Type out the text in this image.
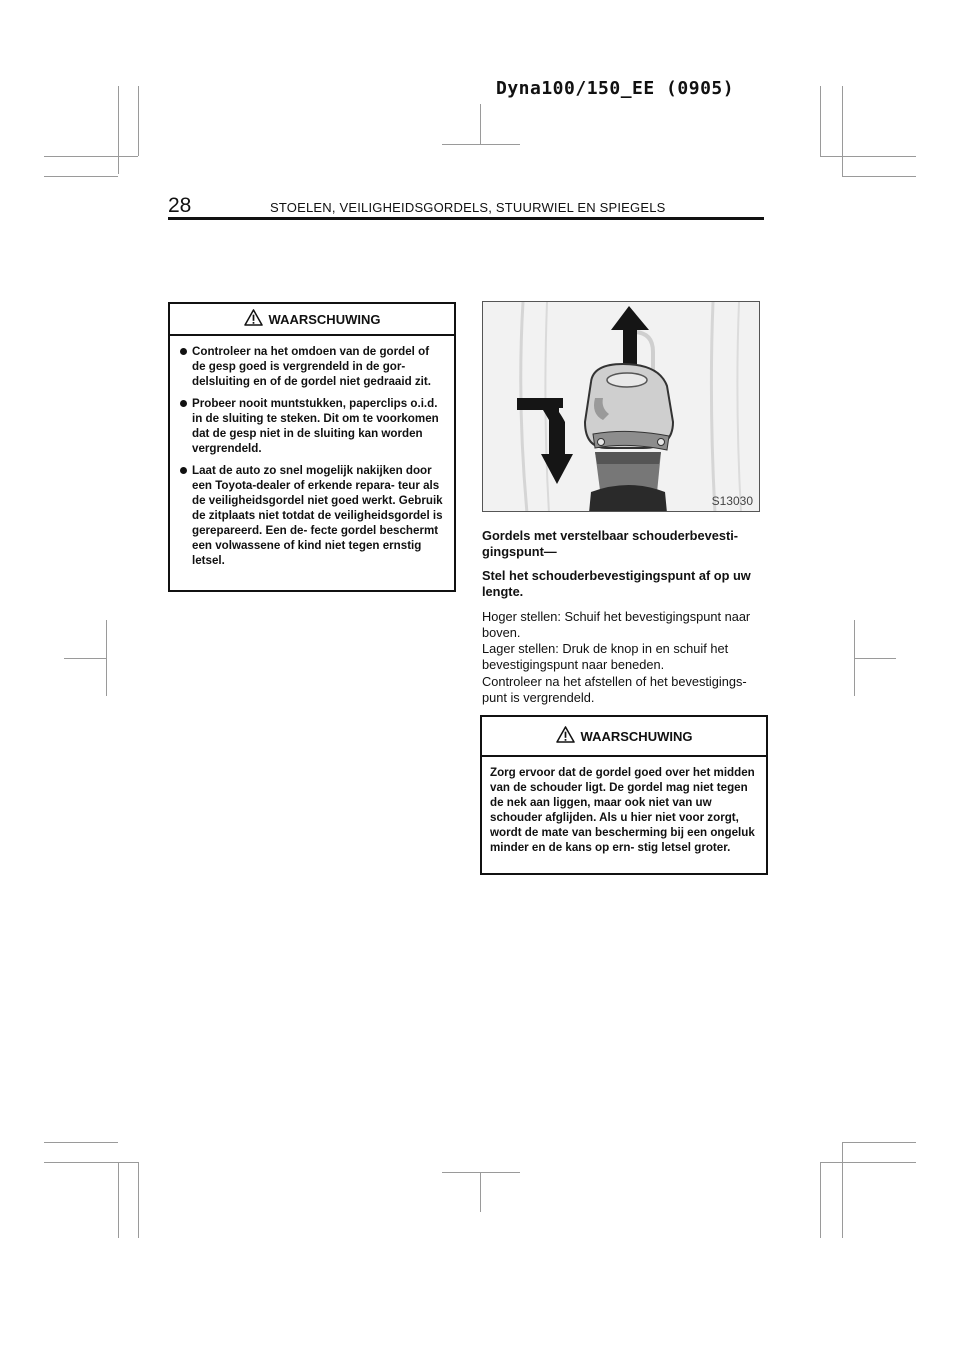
Dyna100/150_EE (0905)
28	STOELEN, VEILIGHEIDSGORDELS, STUURWIEL EN SPIEGELS
WAARSCHUWING
Controleer na het omdoen van de gordel of de gesp goed is vergrendeld in de gor- delsluiting en of de gordel niet gedraaid zit.
Probeer nooit muntstukken, paperclips o.i.d. in de sluiting te steken. Dit om te voorkomen dat de gesp niet in de sluiting kan worden vergrendeld.
Laat de auto zo snel mogelijk nakijken door een Toyota-dealer of erkende repara- teur als de veiligheidsgordel niet goed werkt. Gebruik de zitplaats niet totdat de veiligheidsgordel is gerepareerd. Een de- fecte gordel beschermt een volwassene of kind niet tegen ernstig letsel.
S13030

Gordels met verstelbaar schouderbevesti- gingspunt—

Stel het schouderbevestigingspunt af op uw lengte.

Hoger stellen: Schuif het bevestigingspunt naar boven.

Lager stellen: Druk de knop in en schuif het bevestigingspunt naar beneden.

Controleer na het afstellen of het bevestigings- punt is vergrendeld.

WAARSCHUWING
Zorg ervoor dat de gordel goed over het midden van de schouder ligt. De gordel mag niet tegen de nek aan liggen, maar ook niet van uw schouder afglijden. Als u hier niet voor zorgt, wordt de mate van bescherming bij een ongeluk minder en de kans op ern- stig letsel groter.
